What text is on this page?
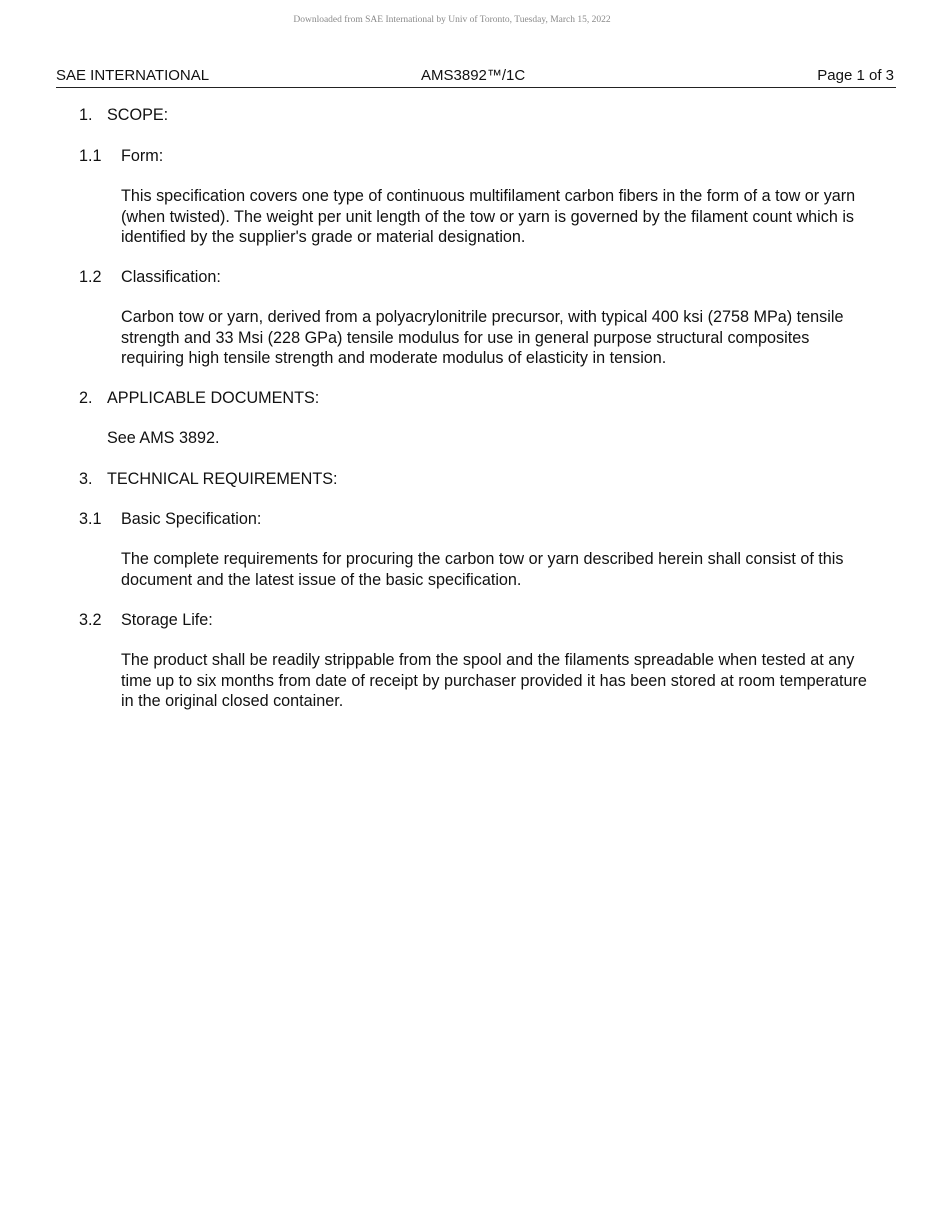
Downloaded from SAE International by Univ of Toronto, Tuesday, March 15, 2022
SAE INTERNATIONAL	AMS3892™/1C	Page 1 of 3
1. SCOPE:
1.1 Form:
This specification covers one type of continuous multifilament carbon fibers in the form of a tow or yarn (when twisted). The weight per unit length of the tow or yarn is governed by the filament count which is identified by the supplier's grade or material designation.
1.2 Classification:
Carbon tow or yarn, derived from a polyacrylonitrile precursor, with typical 400 ksi (2758 MPa) tensile strength and 33 Msi (228 GPa) tensile modulus for use in general purpose structural composites requiring high tensile strength and moderate modulus of elasticity in tension.
2. APPLICABLE DOCUMENTS:
See AMS 3892.
3. TECHNICAL REQUIREMENTS:
3.1 Basic Specification:
The complete requirements for procuring the carbon tow or yarn described herein shall consist of this document and the latest issue of the basic specification.
3.2 Storage Life:
The product shall be readily strippable from the spool and the filaments spreadable when tested at any time up to six months from date of receipt by purchaser provided it has been stored at room temperature in the original closed container.
